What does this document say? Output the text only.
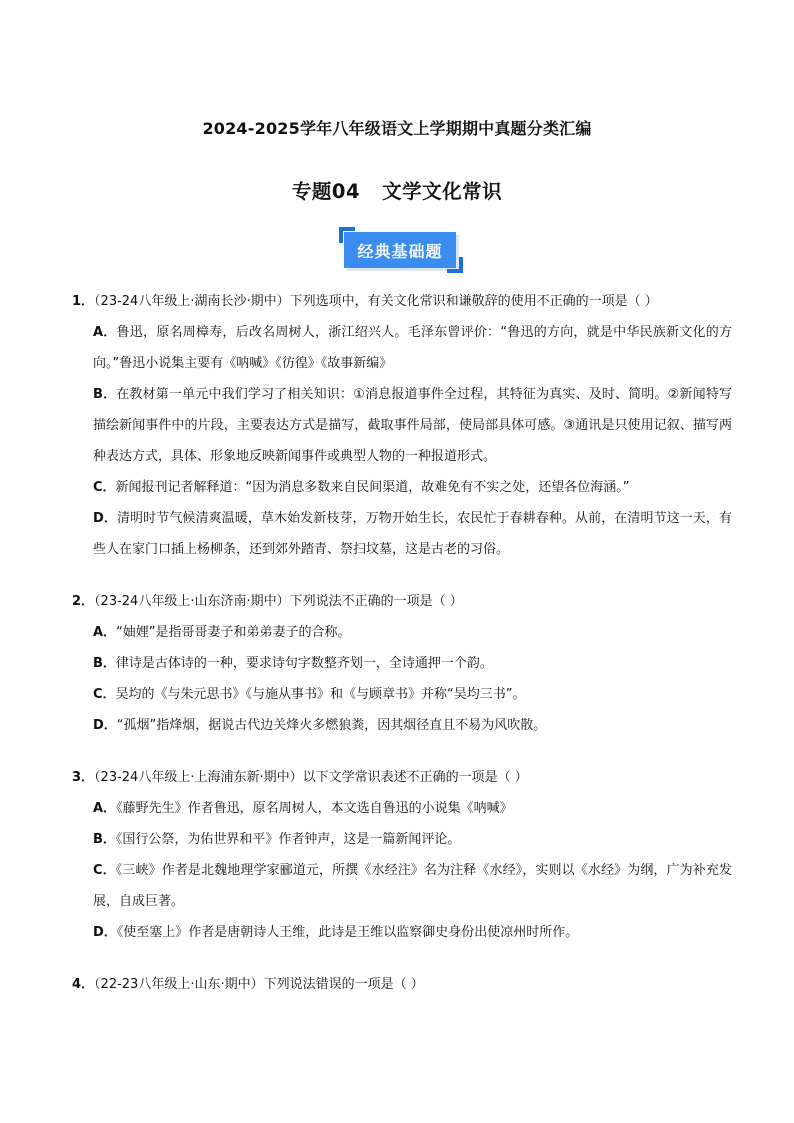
2024-2025学年八年级语文上学期期中真题分类汇编
专题04 文学文化常识
经典基础题
1．（23-24八年级上·湖南长沙·期中）下列选项中，有关文化常识和谦敬辞的使用不正确的一项是（ ）
A．鲁迅，原名周樟寿，后改名周树人，浙江绍兴人。毛泽东曾评价：“鲁迅的方向，就是中华民族新文化的方向。”鲁迅小说集主要有《呐喊》《彷徨》《故事新编》
B．在教材第一单元中我们学习了相关知识：①消息报道事件全过程，其特征为真实、及时、简明。②新闻特写描绘新闻事件中的片段，主要表达方式是描写，截取事件局部，使局部具体可感。③通讯是只使用记叙、描写两种表达方式，具体、形象地反映新闻事件或典型人物的一种报道形式。
C．新闻报刊记者解释道：“因为消息多数来自民间渠道，故难免有不实之处，还望各位海涵。”
D．清明时节气候清爽温暖，草木始发新枝芽，万物开始生长，农民忙于春耕春种。从前，在清明节这一天，有些人在家门口插上杨柳条，还到郊外踏青、祭扫坟墓，这是古老的习俗。
2．（23-24八年级上·山东济南·期中）下列说法不正确的一项是（ ）
A．“妯娌”是指哥哥妻子和弟弟妻子的合称。
B．律诗是古体诗的一种，要求诗句字数整齐划一，全诗通押一个韵。
C．吴均的《与朱元思书》《与施从事书》和《与顾章书》并称“吴均三书”。
D．“孤烟”指烽烟，据说古代边关烽火多燃狼粪，因其烟径直且不易为风吹散。
3．（23-24八年级上·上海浦东新·期中）以下文学常识表述不正确的一项是（ ）
A．《藤野先生》作者鲁迅，原名周树人，本文选自鲁迅的小说集《呐喊》
B．《国行公祭，为佑世界和平》作者钟声，这是一篇新闻评论。
C．《三峡》作者是北魏地理学家郦道元，所撰《水经注》名为注释《水经》，实则以《水经》为纲，广为补充发展，自成巨著。
D．《使至塞上》作者是唐朝诗人王维，此诗是王维以监察御史身份出使凉州时所作。
4．（22-23八年级上·山东·期中）下列说法错误的一项是（ ）
